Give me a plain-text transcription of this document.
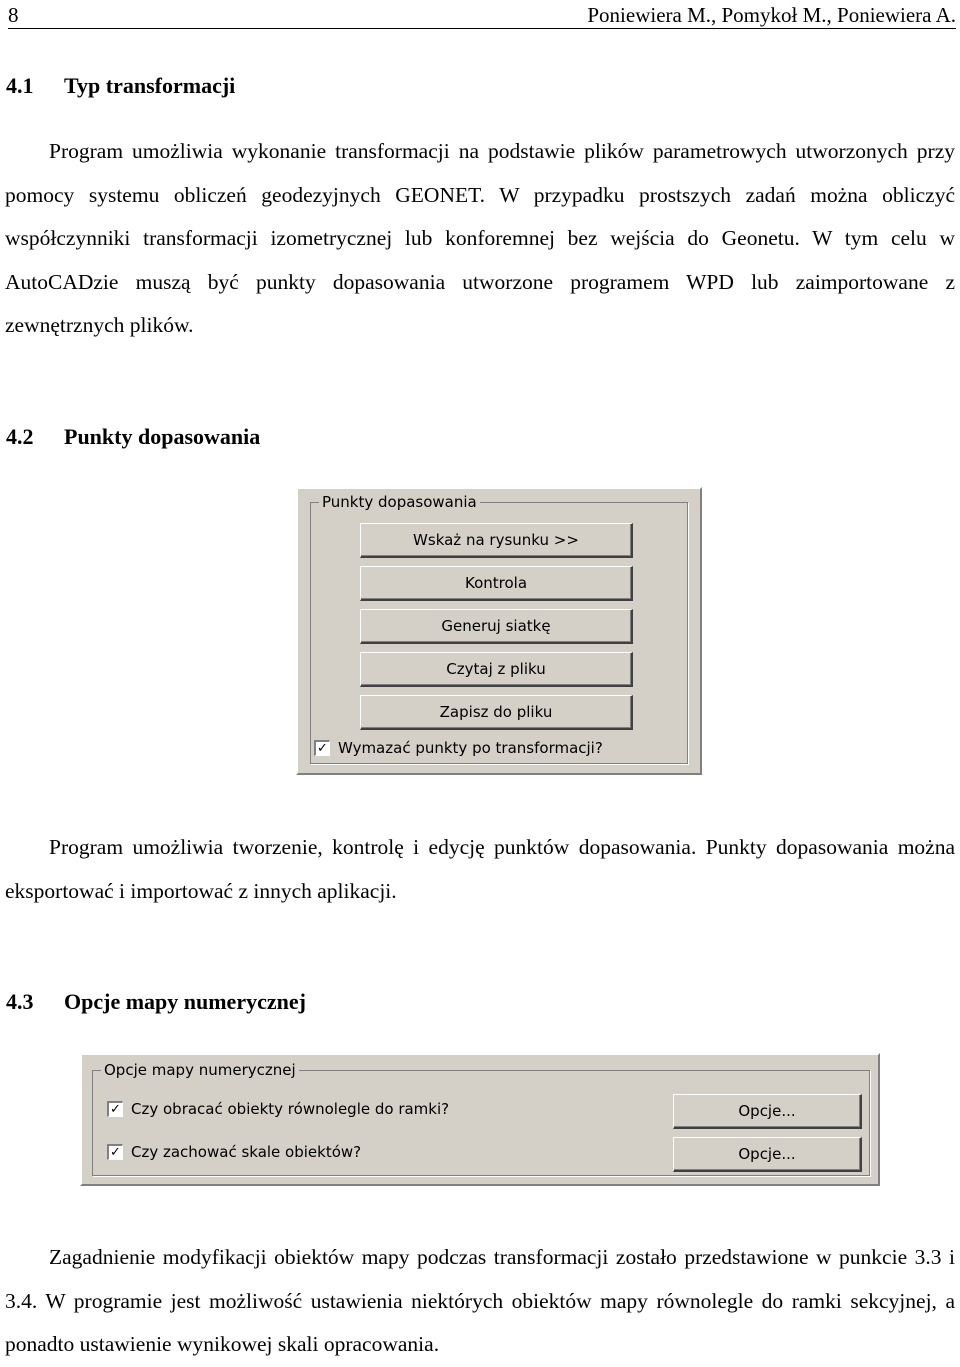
8	Poniewiera M., Pomykoł M., Poniewiera A.
4.1 Typ transformacji
Program umożliwia wykonanie transformacji na podstawie plików parametrowych utworzonych przy pomocy systemu obliczeń geodezyjnych GEONET. W przypadku prostszych zadań można obliczyć współczynniki transformacji izometrycznej lub konforemnej bez wejścia do Geonetu. W tym celu w AutoCADzie muszą być punkty dopasowania utworzone programem WPD lub zaimportowane z zewnętrznych plików.
4.2 Punkty dopasowania
Punkty dopasowania
Wskaż na rysunku >>
Kontrola
Generuj siatkę
Czytaj z pliku
Zapisz do pliku
✓ Wymazać punkty po transformacji?
Program umożliwia tworzenie, kontrolę i edycję punktów dopasowania. Punkty dopasowania można eksportować i importować z innych aplikacji.
4.3 Opcje mapy numerycznej
Opcje mapy numerycznej
✓ Czy obracać obiekty równolegle do ramki?	Opcje...
✓ Czy zachować skale obiektów?	Opcje...
Zagadnienie modyfikacji obiektów mapy podczas transformacji zostało przedstawione w punkcie 3.3 i 3.4. W programie jest możliwość ustawienia niektórych obiektów mapy równolegle do ramki sekcyjnej, a ponadto ustawienie wynikowej skali opracowania.
